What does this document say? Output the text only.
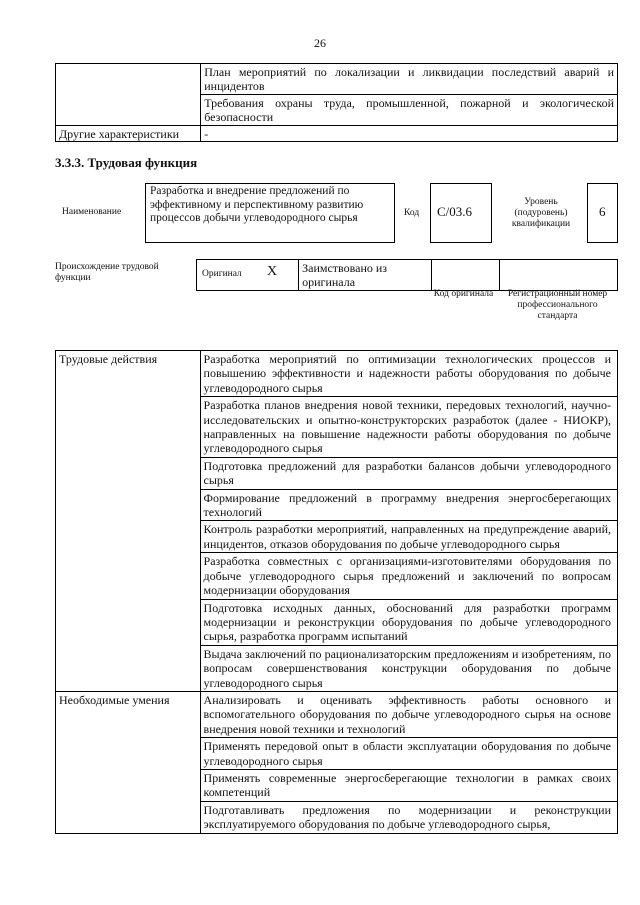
26
	План мероприятий по локализации и ликвидации последствий аварий и инцидентов
	Требования охраны труда, промышленной, пожарной и экологической безопасности
Другие характеристики	-
3.3.3. Трудовая функция
Наименование
Разработка и внедрение предложений по эффективному и перспективному развитию процессов добычи углеводородного сырья	Код	C/03.6
Уровень (подуровень) квалификации
6
Происхождение трудовой функции	Оригинал X	Заимствовано из оригинала		
Код оригинала Регистрационный номер профессионального стандарта
Трудовые действия	Разработка мероприятий по оптимизации технологических процессов и повышению эффективности и надежности работы оборудования по добыче углеводородного сырья
	Разработка планов внедрения новой техники, передовых технологий, научно-исследовательских и опытно-конструкторских разработок (далее - НИОКР), направленных на повышение надежности работы оборудования по добыче углеводородного сырья
	Подготовка предложений для разработки балансов добычи углеводородного сырья
	Формирование предложений в программу внедрения энергосберегающих технологий
	Контроль разработки мероприятий, направленных на предупреждение аварий, инцидентов, отказов оборудования по добыче углеводородного сырья
	Разработка совместных с организациями-изготовителями оборудования по добыче углеводородного сырья предложений и заключений по вопросам модернизации оборудования
	Подготовка исходных данных, обоснований для разработки программ модернизации и реконструкции оборудования по добыче углеводородного сырья, разработка программ испытаний
	Выдача заключений по рационализаторским предложениям и изобретениям, по вопросам совершенствования конструкции оборудования по добыче углеводородного сырья
Необходимые умения	Анализировать и оценивать эффективность работы основного и вспомогательного оборудования по добыче углеводородного сырья на основе внедрения новой техники и технологий
	Применять передовой опыт в области эксплуатации оборудования по добыче углеводородного сырья
	Применять современные энергосберегающие технологии в рамках своих компетенций
	Подготавливать предложения по модернизации и реконструкции эксплуатируемого оборудования по добыче углеводородного сырья,
